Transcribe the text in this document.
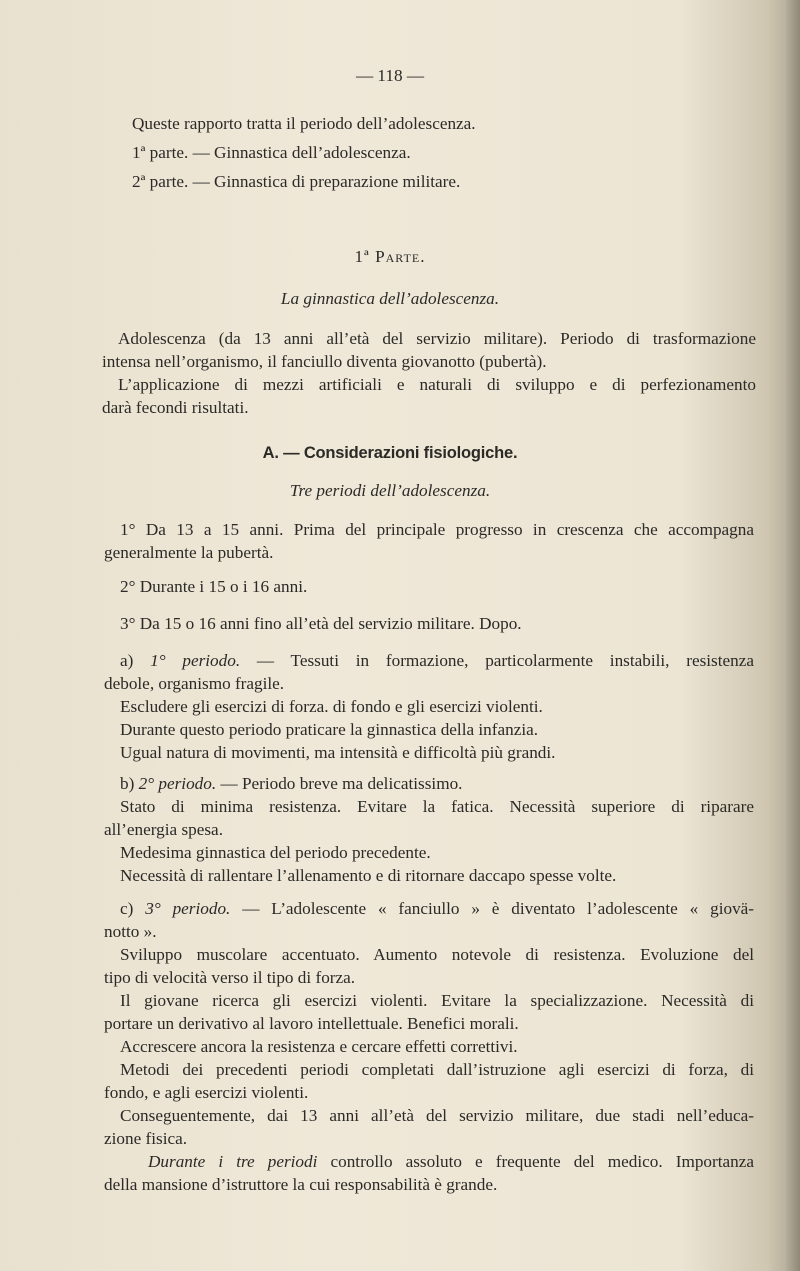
— 118 —
Queste rapporto tratta il periodo dell’adolescenza.
1ª parte. — Ginnastica dell’adolescenza.
2ª parte. — Ginnastica di preparazione militare.
1ª Parte.
La ginnastica dell’adolescenza.
Adolescenza (da 13 anni all’età del servizio militare). Periodo di trasformazione
intensa nell’organismo, il fanciullo diventa giovanotto (pubertà).
L’applicazione di mezzi artificiali e naturali di sviluppo e di perfezionamento
darà fecondi risultati.
A. — Considerazioni fisiologiche.
Tre periodi dell’adolescenza.
1° Da 13 a 15 anni. Prima del principale progresso in crescenza che accompagna
generalmente la pubertà.
2° Durante i 15 o i 16 anni.
3° Da 15 o 16 anni fino all’età del servizio militare. Dopo.
a) 1° periodo. — Tessuti in formazione, particolarmente instabili, resistenza
debole, organismo fragile.
Escludere gli esercizi di forza. di fondo e gli esercizi violenti.
Durante questo periodo praticare la ginnastica della infanzia.
Ugual natura di movimenti, ma intensità e difficoltà più grandi.
b) 2° periodo. — Periodo breve ma delicatissimo.
Stato di minima resistenza. Evitare la fatica. Necessità superiore di riparare
all’energia spesa.
Medesima ginnastica del periodo precedente.
Necessità di rallentare l’allenamento e di ritornare daccapo spesse volte.
c) 3° periodo. — L’adolescente « fanciullo » è diventato l’adolescente « giovä-
notto ».
Sviluppo muscolare accentuato. Aumento notevole di resistenza. Evoluzione del
tipo di velocità verso il tipo di forza.
Il giovane ricerca gli esercizi violenti. Evitare la specializzazione. Necessità di
portare un derivativo al lavoro intellettuale. Benefici morali.
Accrescere ancora la resistenza e cercare effetti correttivi.
Metodi dei precedenti periodi completati dall’istruzione agli esercizi di forza, di
fondo, e agli esercizi violenti.
Conseguentemente, dai 13 anni all’età del servizio militare, due stadi nell’educa-
zione fisica.
Durante i tre periodi controllo assoluto e frequente del medico. Importanza
della mansione d’istruttore la cui responsabilità è grande.
